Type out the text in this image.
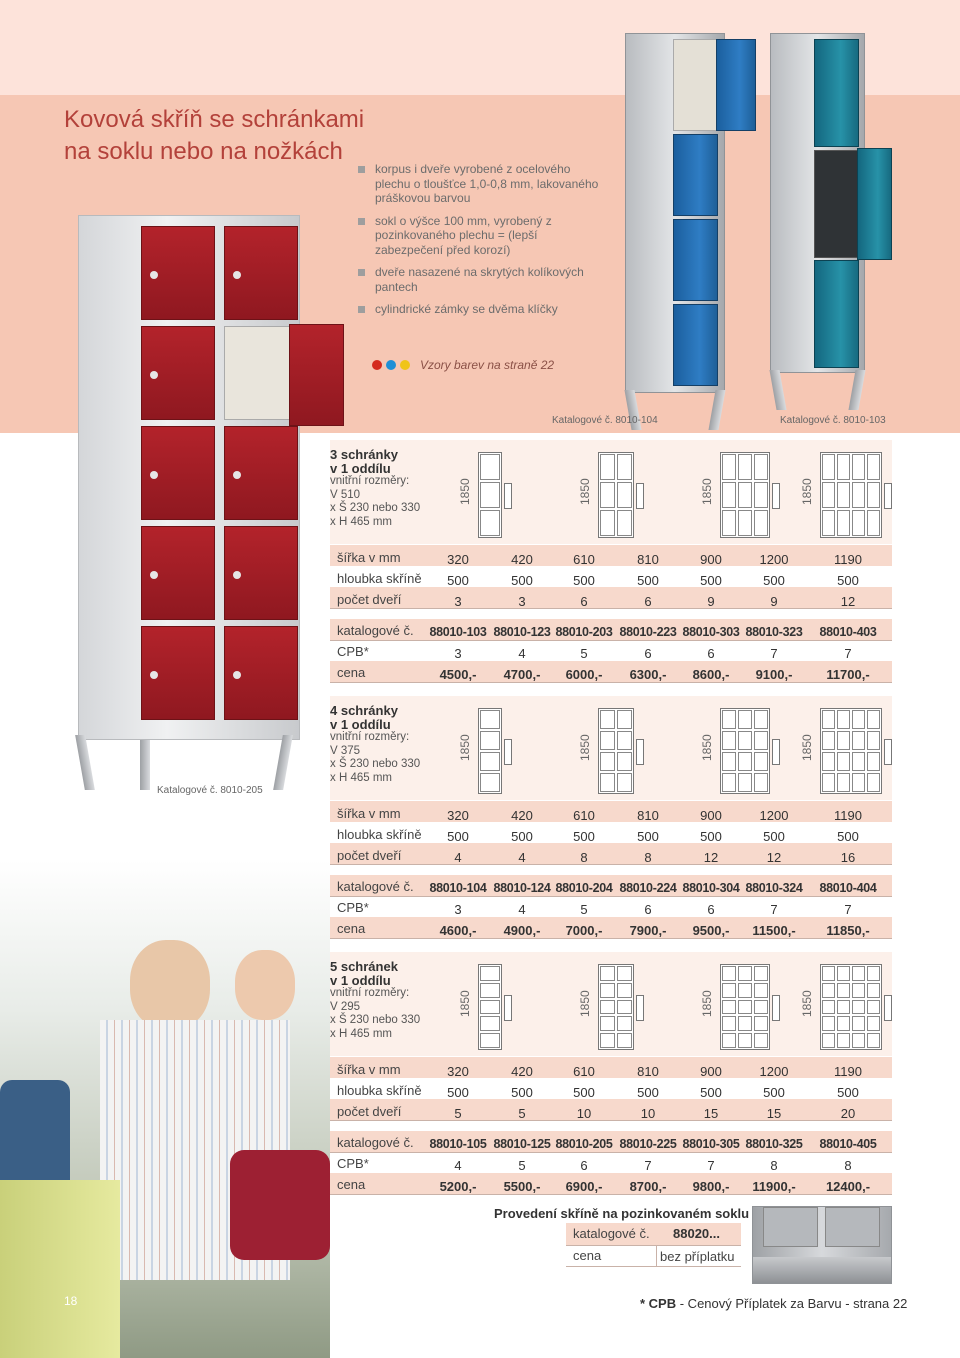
Kovová skříň se schránkami
na soklu nebo na nožkách
korpus i dveře vyrobené z ocelového plechu o tloušťce 1,0-0,8 mm, lakovaného práškovou barvou
sokl o výšce 100 mm, vyrobený z pozinkovaného plechu = (lepší zabezpečení před korozí)
dveře nasazené na skrytých kolíkových pantech
cylindrické zámky se dvěma klíčky
Vzory barev na straně 22
Katalogové č. 8010-205
Katalogové č. 8010-104	Katalogové č. 8010-103
18
3 schránky
v 1 oddílu
vnitřní rozměry:
V 510
x Š 230 nebo 330
x H 465 mm
1850	1850	1850	1850
šířka v mm	320	420	610	810	900	1200	1190
hloubka skříně	500	500	500	500	500	500	500
počet dveří	3	3	6	6	9	9	12
katalogové č. 88010-103 88010-123 88010-203 88010-223 88010-303 88010-323 88010-403
CPB*	3	4	5	6	6	7	7
cena	4500,-	4700,-	6000,-	6300,-	8600,-	9100,-	11700,-
4 schránky
v 1 oddílu
vnitřní rozměry:
V 375
x Š 230 nebo 330
x H 465 mm
1850	1850	1850	1850
šířka v mm	320	420	610	810	900	1200	1190
hloubka skříně	500	500	500	500	500	500	500
počet dveří	4	4	8	8	12	12	16
katalogové č. 88010-104 88010-124 88010-204 88010-224 88010-304 88010-324 88010-404
CPB*	3	4	5	6	6	7	7
cena	4600,-	4900,-	7000,-	7900,-	9500,-	11500,-	11850,-
5 schránek
v 1 oddílu
vnitřní rozměry:
V 295
x Š 230 nebo 330
x H 465 mm
1850	1850	1850	1850
šířka v mm	320	420	610	810	900	1200	1190
hloubka skříně	500	500	500	500	500	500	500
počet dveří	5	5	10	10	15	15	20
katalogové č. 88010-105 88010-125 88010-205 88010-225 88010-305 88010-325 88010-405
CPB*	4	5	6	7	7	8	8
cena	5200,-	5500,-	6900,-	8700,-	9800,-	11900,-	12400,-
Provedení skříně na pozinkovaném soklu
katalogové č. 88020...
cena	bez příplatku
* CPB - Cenový Příplatek za Barvu - strana 22
